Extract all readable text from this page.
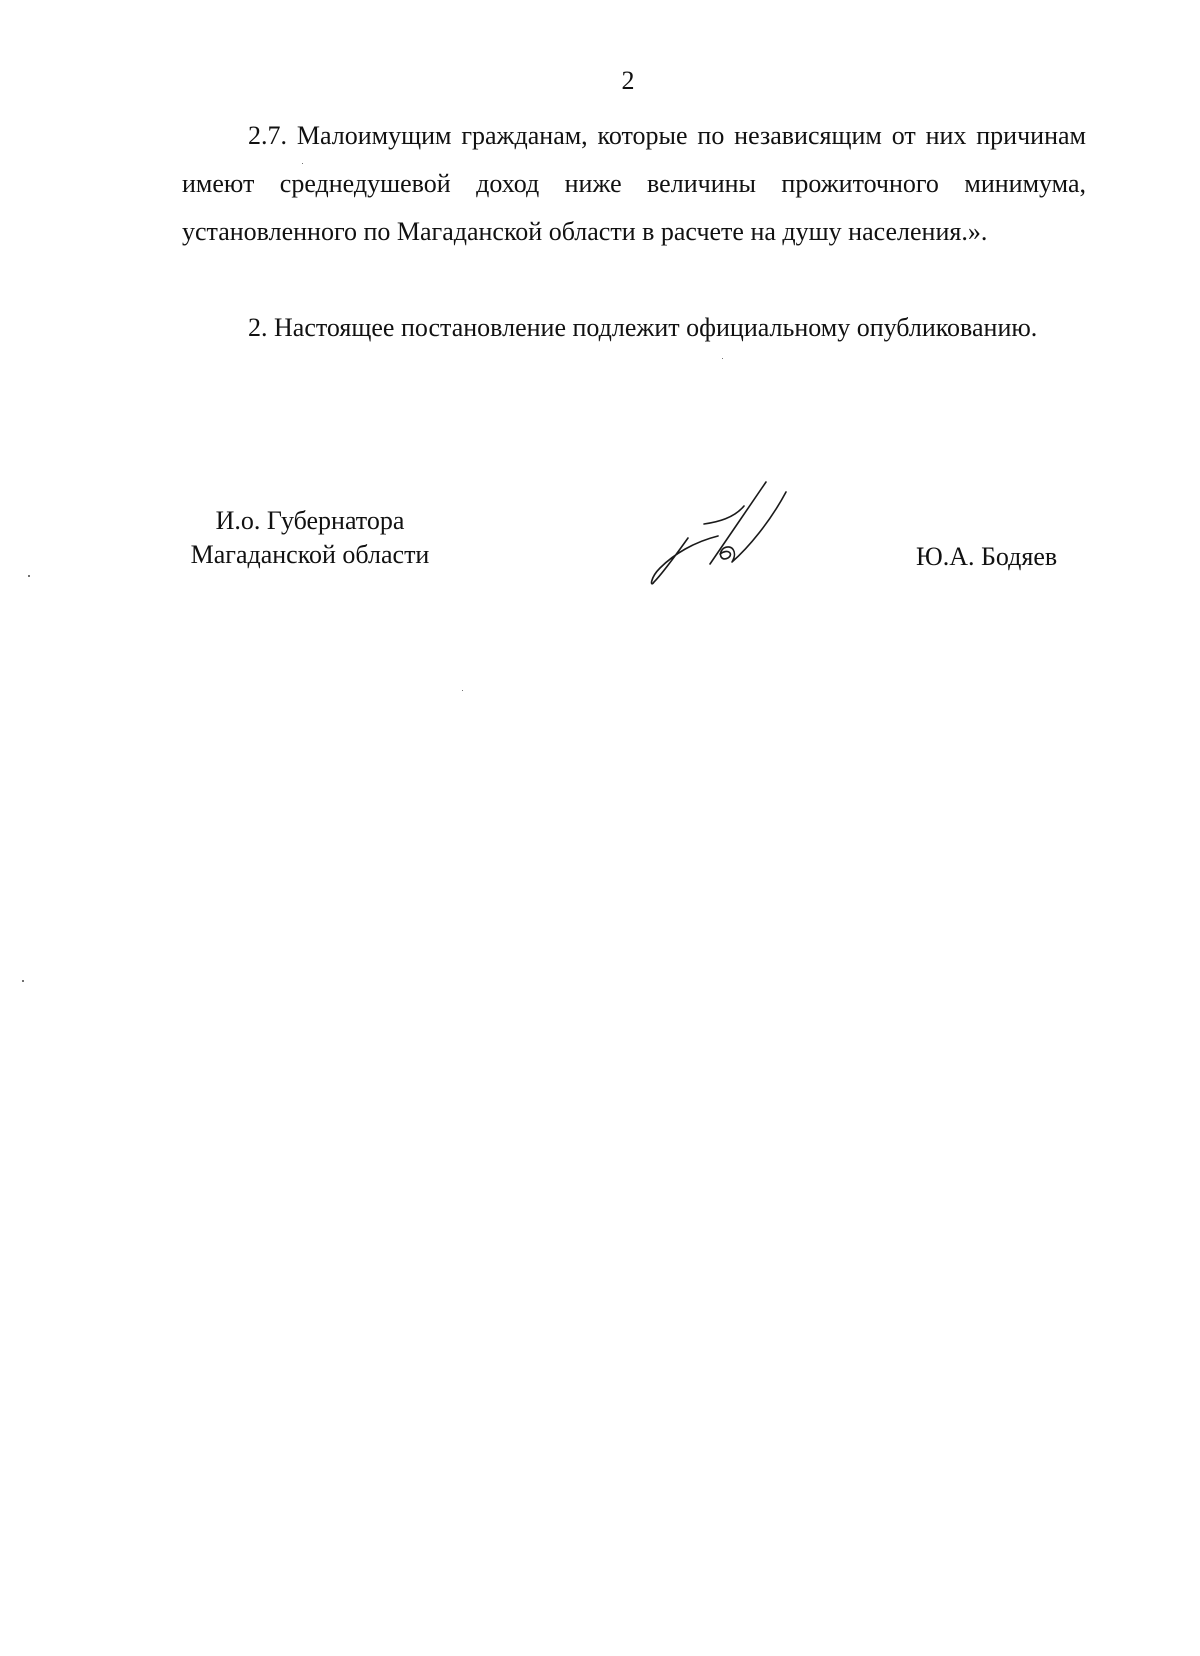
2

2.7. Малоимущим гражданам, которые по независящим от них причинам имеют среднедушевой доход ниже величины прожиточного минимума, установленного по Магаданской области в расчете на душу населения.».

2. Настоящее постановление подлежит официальному опубликованию.

И.о. Губернатора
Магаданской области	Ю.А. Бодяев
